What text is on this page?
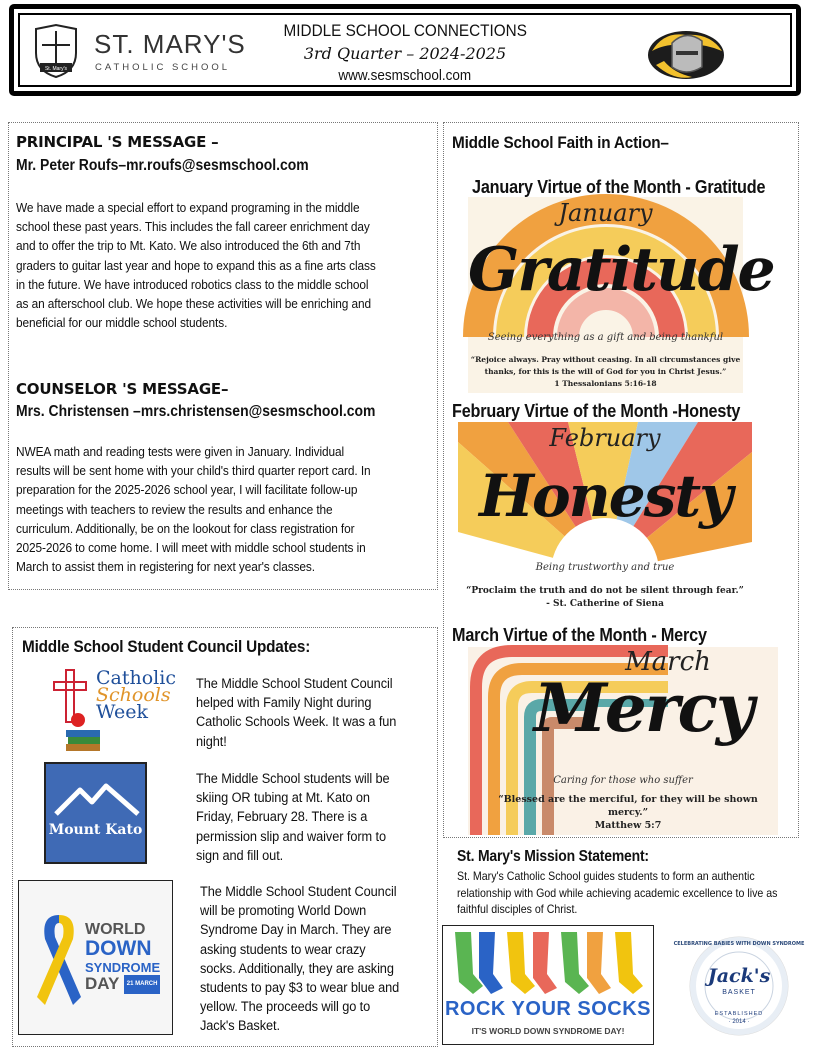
St. Mary's
ST. MARY'S
CATHOLIC SCHOOL
MIDDLE SCHOOL CONNECTIONS
3rd Quarter – 2024-2025
www.sesmschool.com
PRINCIPAL 'S MESSAGE –
Mr. Peter Roufs–mr.roufs@sesmschool.com

We have made a special effort to expand programing in the middle

school these past years. This includes the fall career enrichment day

and to offer the trip to Mt. Kato. We also introduced the 6th and 7th

graders to guitar last year and hope to expand this as a fine arts class

in the future. We have introduced robotics class to the middle school

as an afterschool club. We hope these activities will be enriching and

beneficial for our middle school students.

COUNSELOR 'S MESSAGE–
Mrs. Christensen –mrs.christensen@sesmschool.com

NWEA math and reading tests were given in January. Individual

results will be sent home with your child's third quarter report card. In

preparation for the 2025-2026 school year, I will facilitate follow-up

meetings with teachers to review the results and enhance the

curriculum. Additionally, be on the lookout for class registration for

2025-2026 to come home. I will meet with middle school students in

March to assist them in registering for next year's classes.

Middle School Student Council Updates:
Catholic
Schools
Week

The Middle School Student Council

helped with Family Night during

Catholic Schools Week. It was a fun

night!

Mount Kato

The Middle School students will be

skiing OR tubing at Mt. Kato on

Friday, February 28. There is a

permission slip and waiver form to

sign and fill out.

WORLD
DOWN
SYNDROME
DAY 21 MARCH

The Middle School Student Council

will be promoting World Down

Syndrome Day in March. They are

asking students to wear crazy

socks. Additionally, they are asking

students to pay $3 to wear blue and

yellow. The proceeds will go to

Jack's Basket.

Middle School Faith in Action–
January Virtue of the Month - Gratitude
January
Gratitude
Seeing everything as a gift and being thankful
“Rejoice always. Pray without ceasing. In all circumstances give
thanks, for this is the will of God for you in Christ Jesus.”
1 Thessalonians 5:16-18
February Virtue of the Month -Honesty
February
Honesty
Being trustworthy and true
“Proclaim the truth and do not be silent through fear.”
- St. Catherine of Siena
March Virtue of the Month - Mercy
March
Mercy
Caring for those who suffer
“Blessed are the merciful, for they will be shown
mercy.”
Matthew 5:7
St. Mary's Mission Statement:

St. Mary's Catholic School guides students to form an authentic

relationship with God while achieving academic excellence to live as

faithful disciples of Christ.

ROCK YOUR SOCKS
IT'S WORLD DOWN SYNDROME DAY!
CELEBRATING BABIES WITH DOWN SYNDROME
Jack's
BASKET
ESTABLISHED
· 2014 ·
